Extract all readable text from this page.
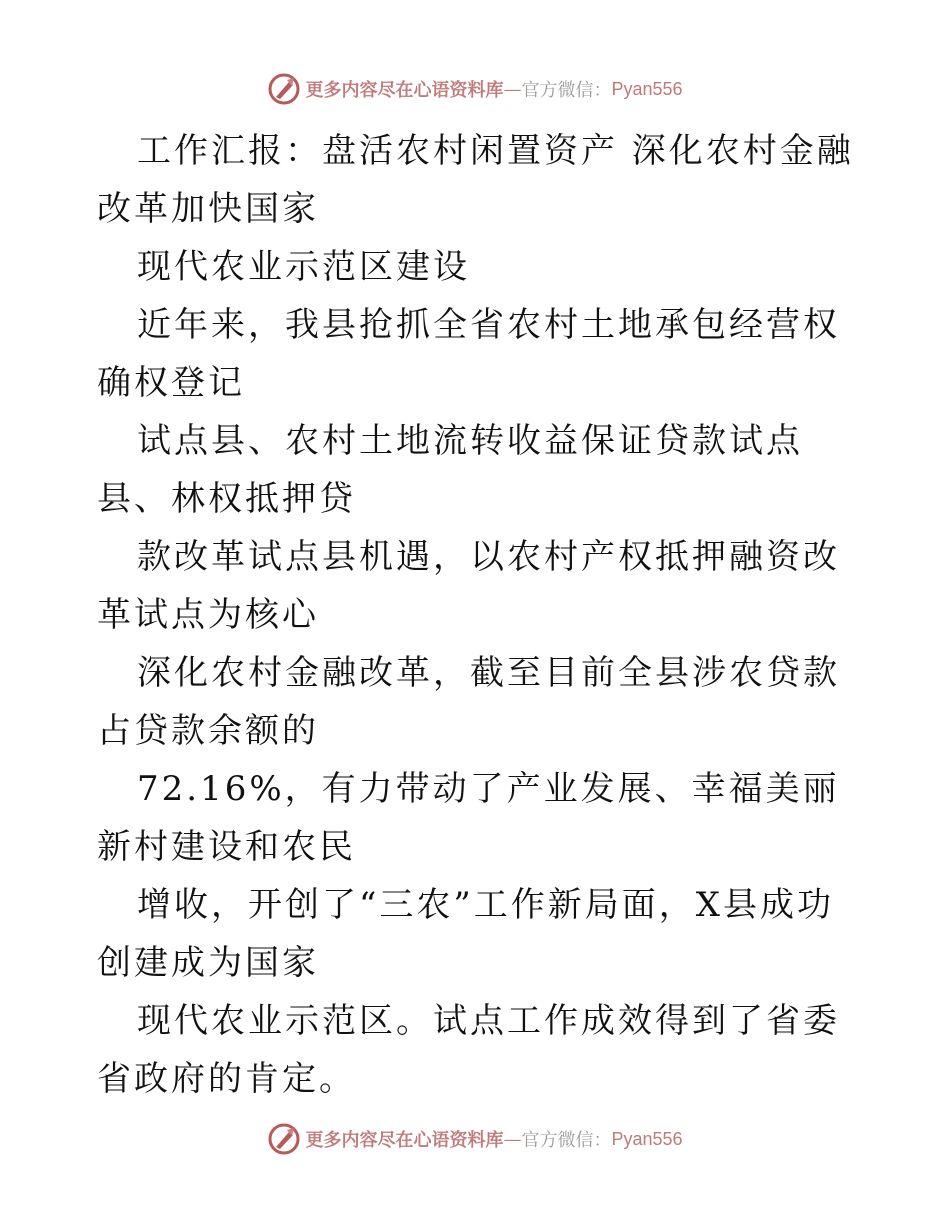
更多内容尽在心语资料库 — 官方微信： Pyan556

工作汇报：盘活农村闲置资产 深化农村金融改革加快国家

现代农业示范区建设

近年来，我县抢抓全省农村土地承包经营权确权登记

试点县、农村土地流转收益保证贷款试点县、林权抵押贷

款改革试点县机遇，以农村产权抵押融资改革试点为核心

深化农村金融改革，截至目前全县涉农贷款占贷款余额的

72.16%，有力带动了产业发展、幸福美丽新村建设和农民

增收，开创了“三农”工作新局面，X县成功创建成为国家

现代农业示范区。试点工作成效得到了省委省政府的肯定。

更多内容尽在心语资料库 — 官方微信： Pyan556
